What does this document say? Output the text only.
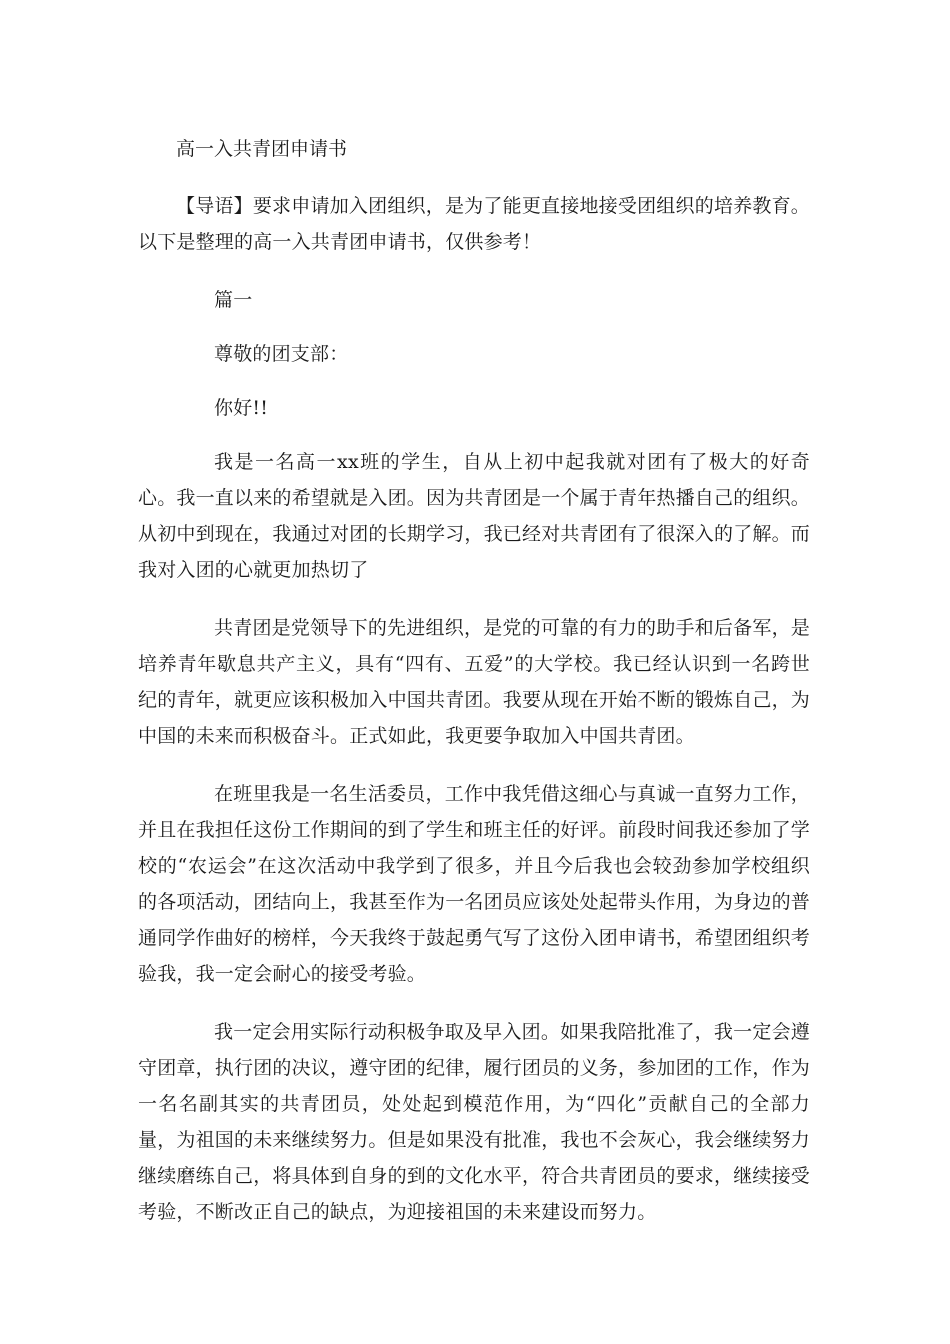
高一入共青团申请书

【导语】要求申请加入团组织，是为了能更直接地接受团组织的培养教育。以下是整理的高一入共青团申请书，仅供参考！

篇一

尊敬的团支部：

你好!!

我是一名高一xx班的学生，自从上初中起我就对团有了极大的好奇心。我一直以来的希望就是入团。因为共青团是一个属于青年热播自己的组织。从初中到现在，我通过对团的长期学习，我已经对共青团有了很深入的了解。而我对入团的心就更加热切了

共青团是党领导下的先进组织，是党的可靠的有力的助手和后备军，是培养青年歇息共产主义，具有“四有、五爱”的大学校。我已经认识到一名跨世纪的青年，就更应该积极加入中国共青团。我要从现在开始不断的锻炼自己，为中国的未来而积极奋斗。正式如此，我更要争取加入中国共青团。

在班里我是一名生活委员，工作中我凭借这细心与真诚一直努力工作，并且在我担任这份工作期间的到了学生和班主任的好评。前段时间我还参加了学校的“农运会”在这次活动中我学到了很多，并且今后我也会较劲参加学校组织的各项活动，团结向上，我甚至作为一名团员应该处处起带头作用，为身边的普通同学作曲好的榜样，今天我终于鼓起勇气写了这份入团申请书，希望团组织考验我，我一定会耐心的接受考验。

我一定会用实际行动积极争取及早入团。如果我陪批准了，我一定会遵守团章，执行团的决议，遵守团的纪律，履行团员的义务，参加团的工作，作为一名名副其实的共青团员，处处起到模范作用，为“四化”贡献自己的全部力量，为祖国的未来继续努力。但是如果没有批准，我也不会灰心，我会继续努力继续磨练自己，将具体到自身的到的文化水平，符合共青团员的要求，继续接受考验，不断改正自己的缺点，为迎接祖国的未来建设而努力。
